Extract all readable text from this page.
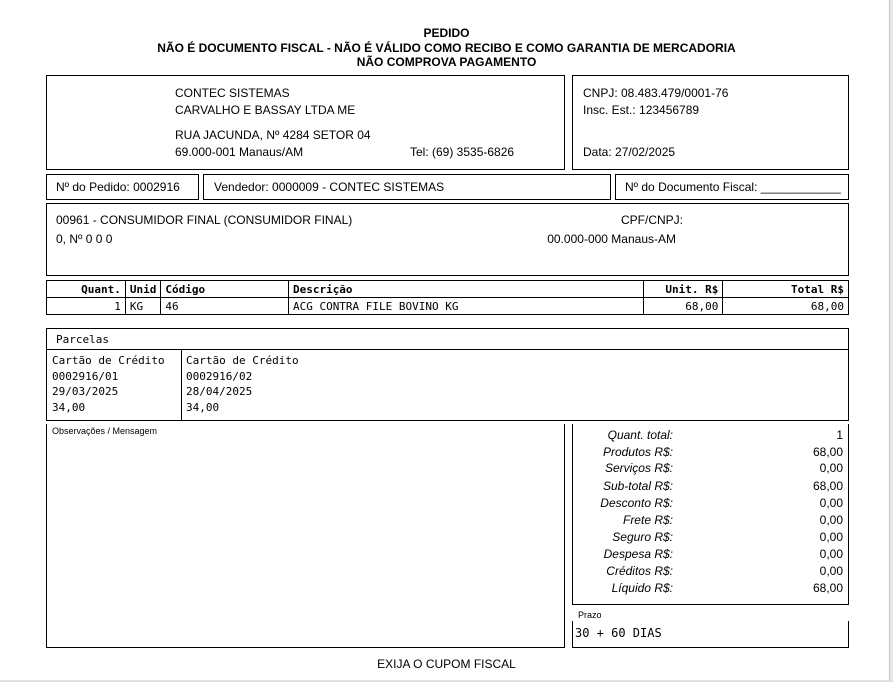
PEDIDO
NÃO É DOCUMENTO FISCAL - NÃO É VÁLIDO COMO RECIBO E COMO GARANTIA DE MERCADORIA
NÃO COMPROVA PAGAMENTO
CONTEC SISTEMAS
CARVALHO E BASSAY LTDA ME
RUA JACUNDA, Nº 4284 SETOR 04
69.000-001 Manaus/AM	Tel: (69) 3535-6826
CNPJ: 08.483.479/0001-76
Insc. Est.: 123456789
Data: 27/02/2025
Nº do Pedido: 0002916	Vendedor: 0000009 - CONTEC SISTEMAS	Nº do Documento Fiscal: ____________
00961 - CONSUMIDOR FINAL (CONSUMIDOR FINAL)
0, Nº 0 0 0
CPF/CNPJ:
00.000-000 Manaus-AM
Quant.	Unid	Código	Descrição	Unit. R$	Total R$
1	KG	46	ACG CONTRA FILE BOVINO KG	68,00	68,00
Parcelas
Cartão de Crédito
0002916/01
29/03/2025
34,00
Cartão de Crédito
0002916/02
28/04/2025
34,00
Observações / Mensagem	Quant. total:	1
Produtos R$:	68,00
Serviços R$:	0,00
Sub-total R$:	68,00
Desconto R$:	0,00
Frete R$:	0,00
Seguro R$:	0,00
Despesa R$:	0,00
Créditos R$:	0,00
Líquido R$:	68,00
Prazo
30 + 60 DIAS
EXIJA O CUPOM FISCAL
